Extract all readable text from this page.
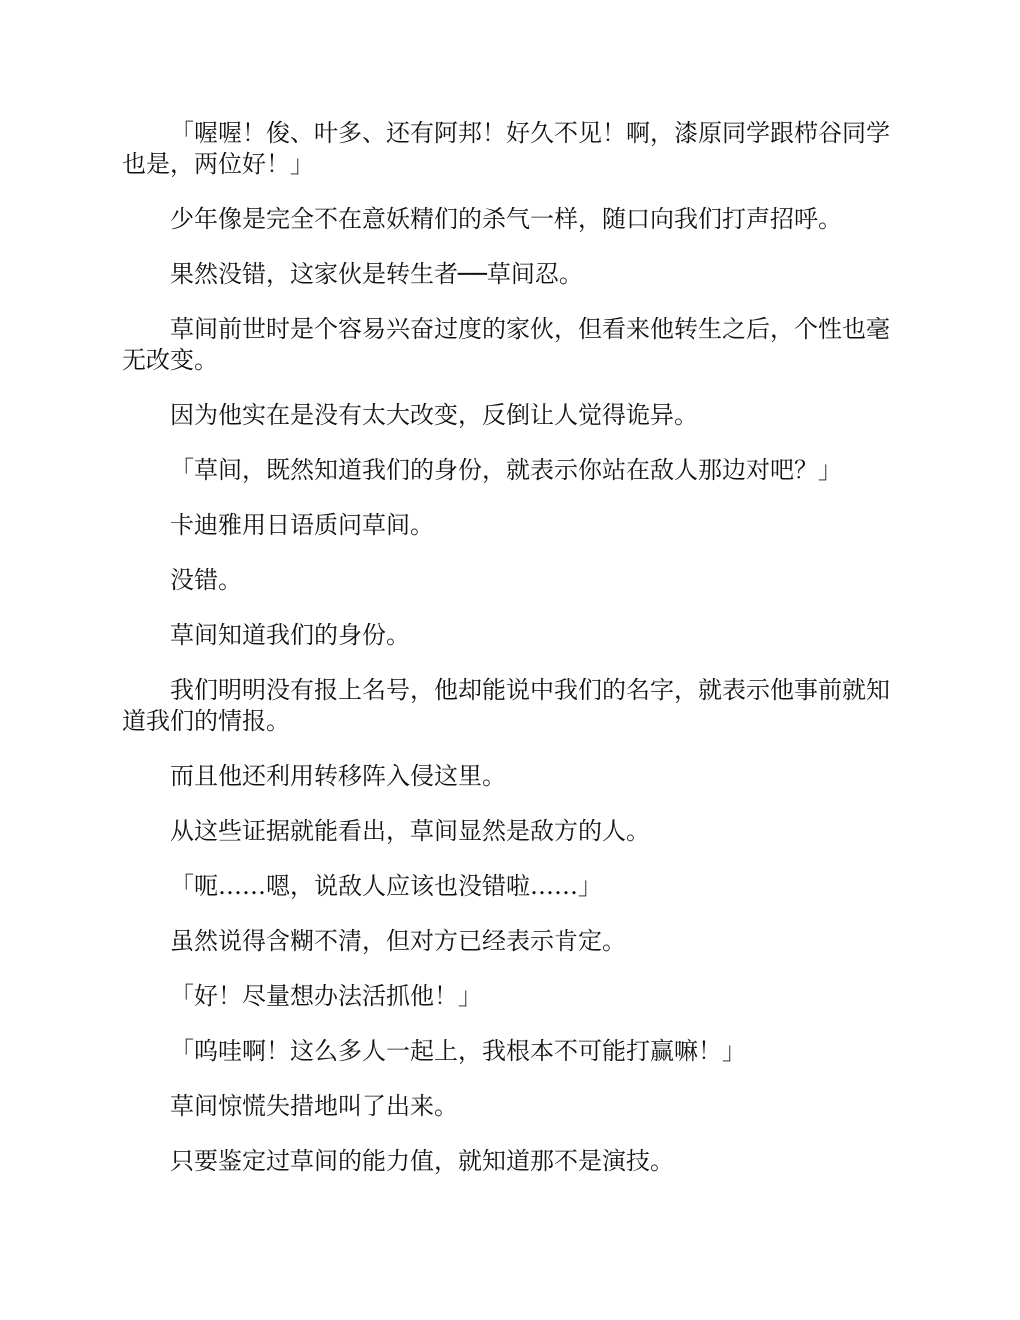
「喔喔！俊、叶多、还有阿邦！好久不见！啊，漆原同学跟栉谷同学也是，两位好！」

少年像是完全不在意妖精们的杀气一样，随口向我们打声招呼。

果然没错，这家伙是转生者──草间忍。

草间前世时是个容易兴奋过度的家伙，但看来他转生之后，个性也毫无改变。

因为他实在是没有太大改变，反倒让人觉得诡异。

「草间，既然知道我们的身份，就表示你站在敌人那边对吧？」

卡迪雅用日语质问草间。

没错。

草间知道我们的身份。

我们明明没有报上名号，他却能说中我们的名字，就表示他事前就知道我们的情报。

而且他还利用转移阵入侵这里。

从这些证据就能看出，草间显然是敌方的人。

「呃……嗯，说敌人应该也没错啦……」

虽然说得含糊不清，但对方已经表示肯定。

「好！尽量想办法活抓他！」

「呜哇啊！这么多人一起上，我根本不可能打赢嘛！」

草间惊慌失措地叫了出来。

只要鉴定过草间的能力值，就知道那不是演技。
